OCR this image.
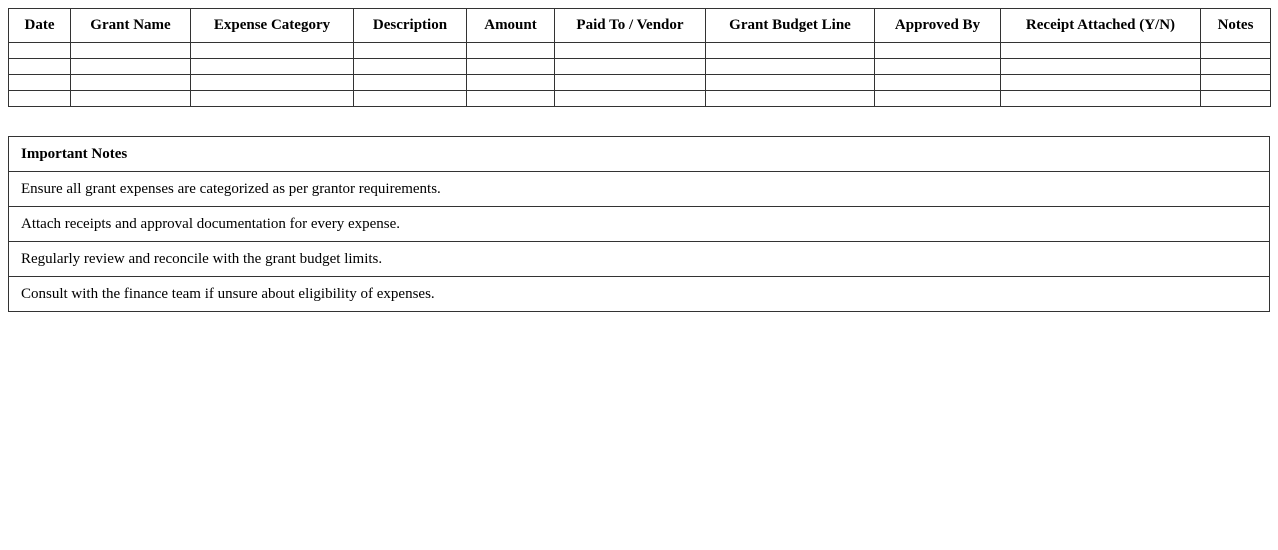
Date	Grant Name	Expense Category	Description	Amount	Paid To / Vendor	Grant Budget Line	Approved By	Receipt Attached (Y/N)	Notes

Important Notes
Ensure all grant expenses are categorized as per grantor requirements.
Attach receipts and approval documentation for every expense.
Regularly review and reconcile with the grant budget limits.
Consult with the finance team if unsure about eligibility of expenses.
